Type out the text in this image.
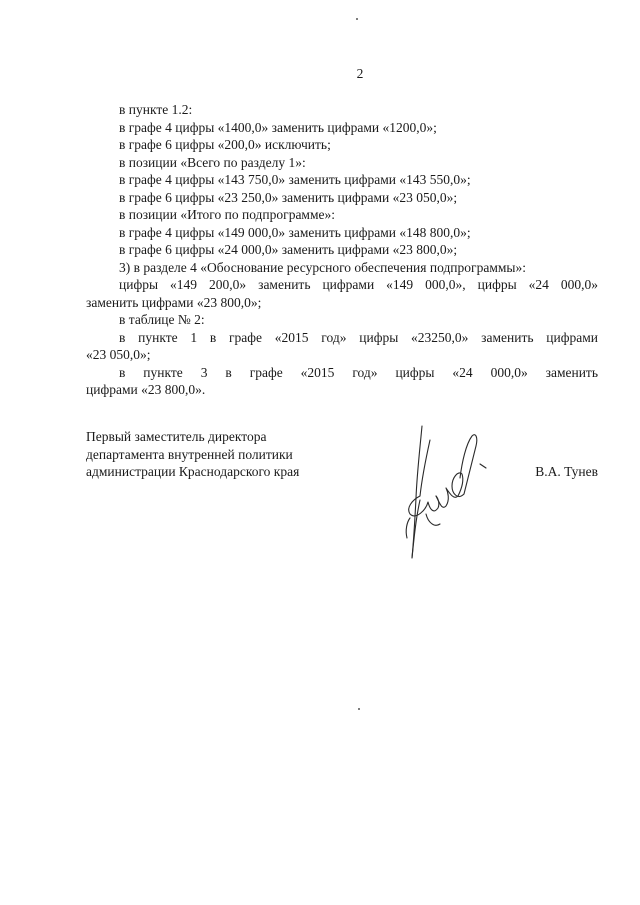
2
в пункте 1.2:
в графе 4 цифры «1400,0» заменить цифрами «1200,0»;
в графе 6 цифры «200,0» исключить;
в позиции «Всего по разделу 1»:
в графе 4 цифры «143 750,0» заменить цифрами «143 550,0»;
в графе 6 цифры «23 250,0» заменить цифрами «23 050,0»;
в позиции «Итого по подпрограмме»:
в графе 4 цифры «149 000,0» заменить цифрами «148 800,0»;
в графе 6 цифры «24 000,0» заменить цифрами «23 800,0»;
3) в разделе 4 «Обоснование ресурсного обеспечения подпрограммы»:
цифры «149 200,0» заменить цифрами «149 000,0», цифры «24 000,0»
заменить цифрами «23 800,0»;
в таблице № 2:
в пункте 1 в графе «2015 год» цифры «23250,0» заменить цифрами
«23 050,0»;
в пункте 3 в графе «2015 год» цифры «24 000,0» заменить
цифрами «23 800,0».
Первый заместитель директора
департамента внутренней политики
администрации Краснодарского края	В.А. Тунев
